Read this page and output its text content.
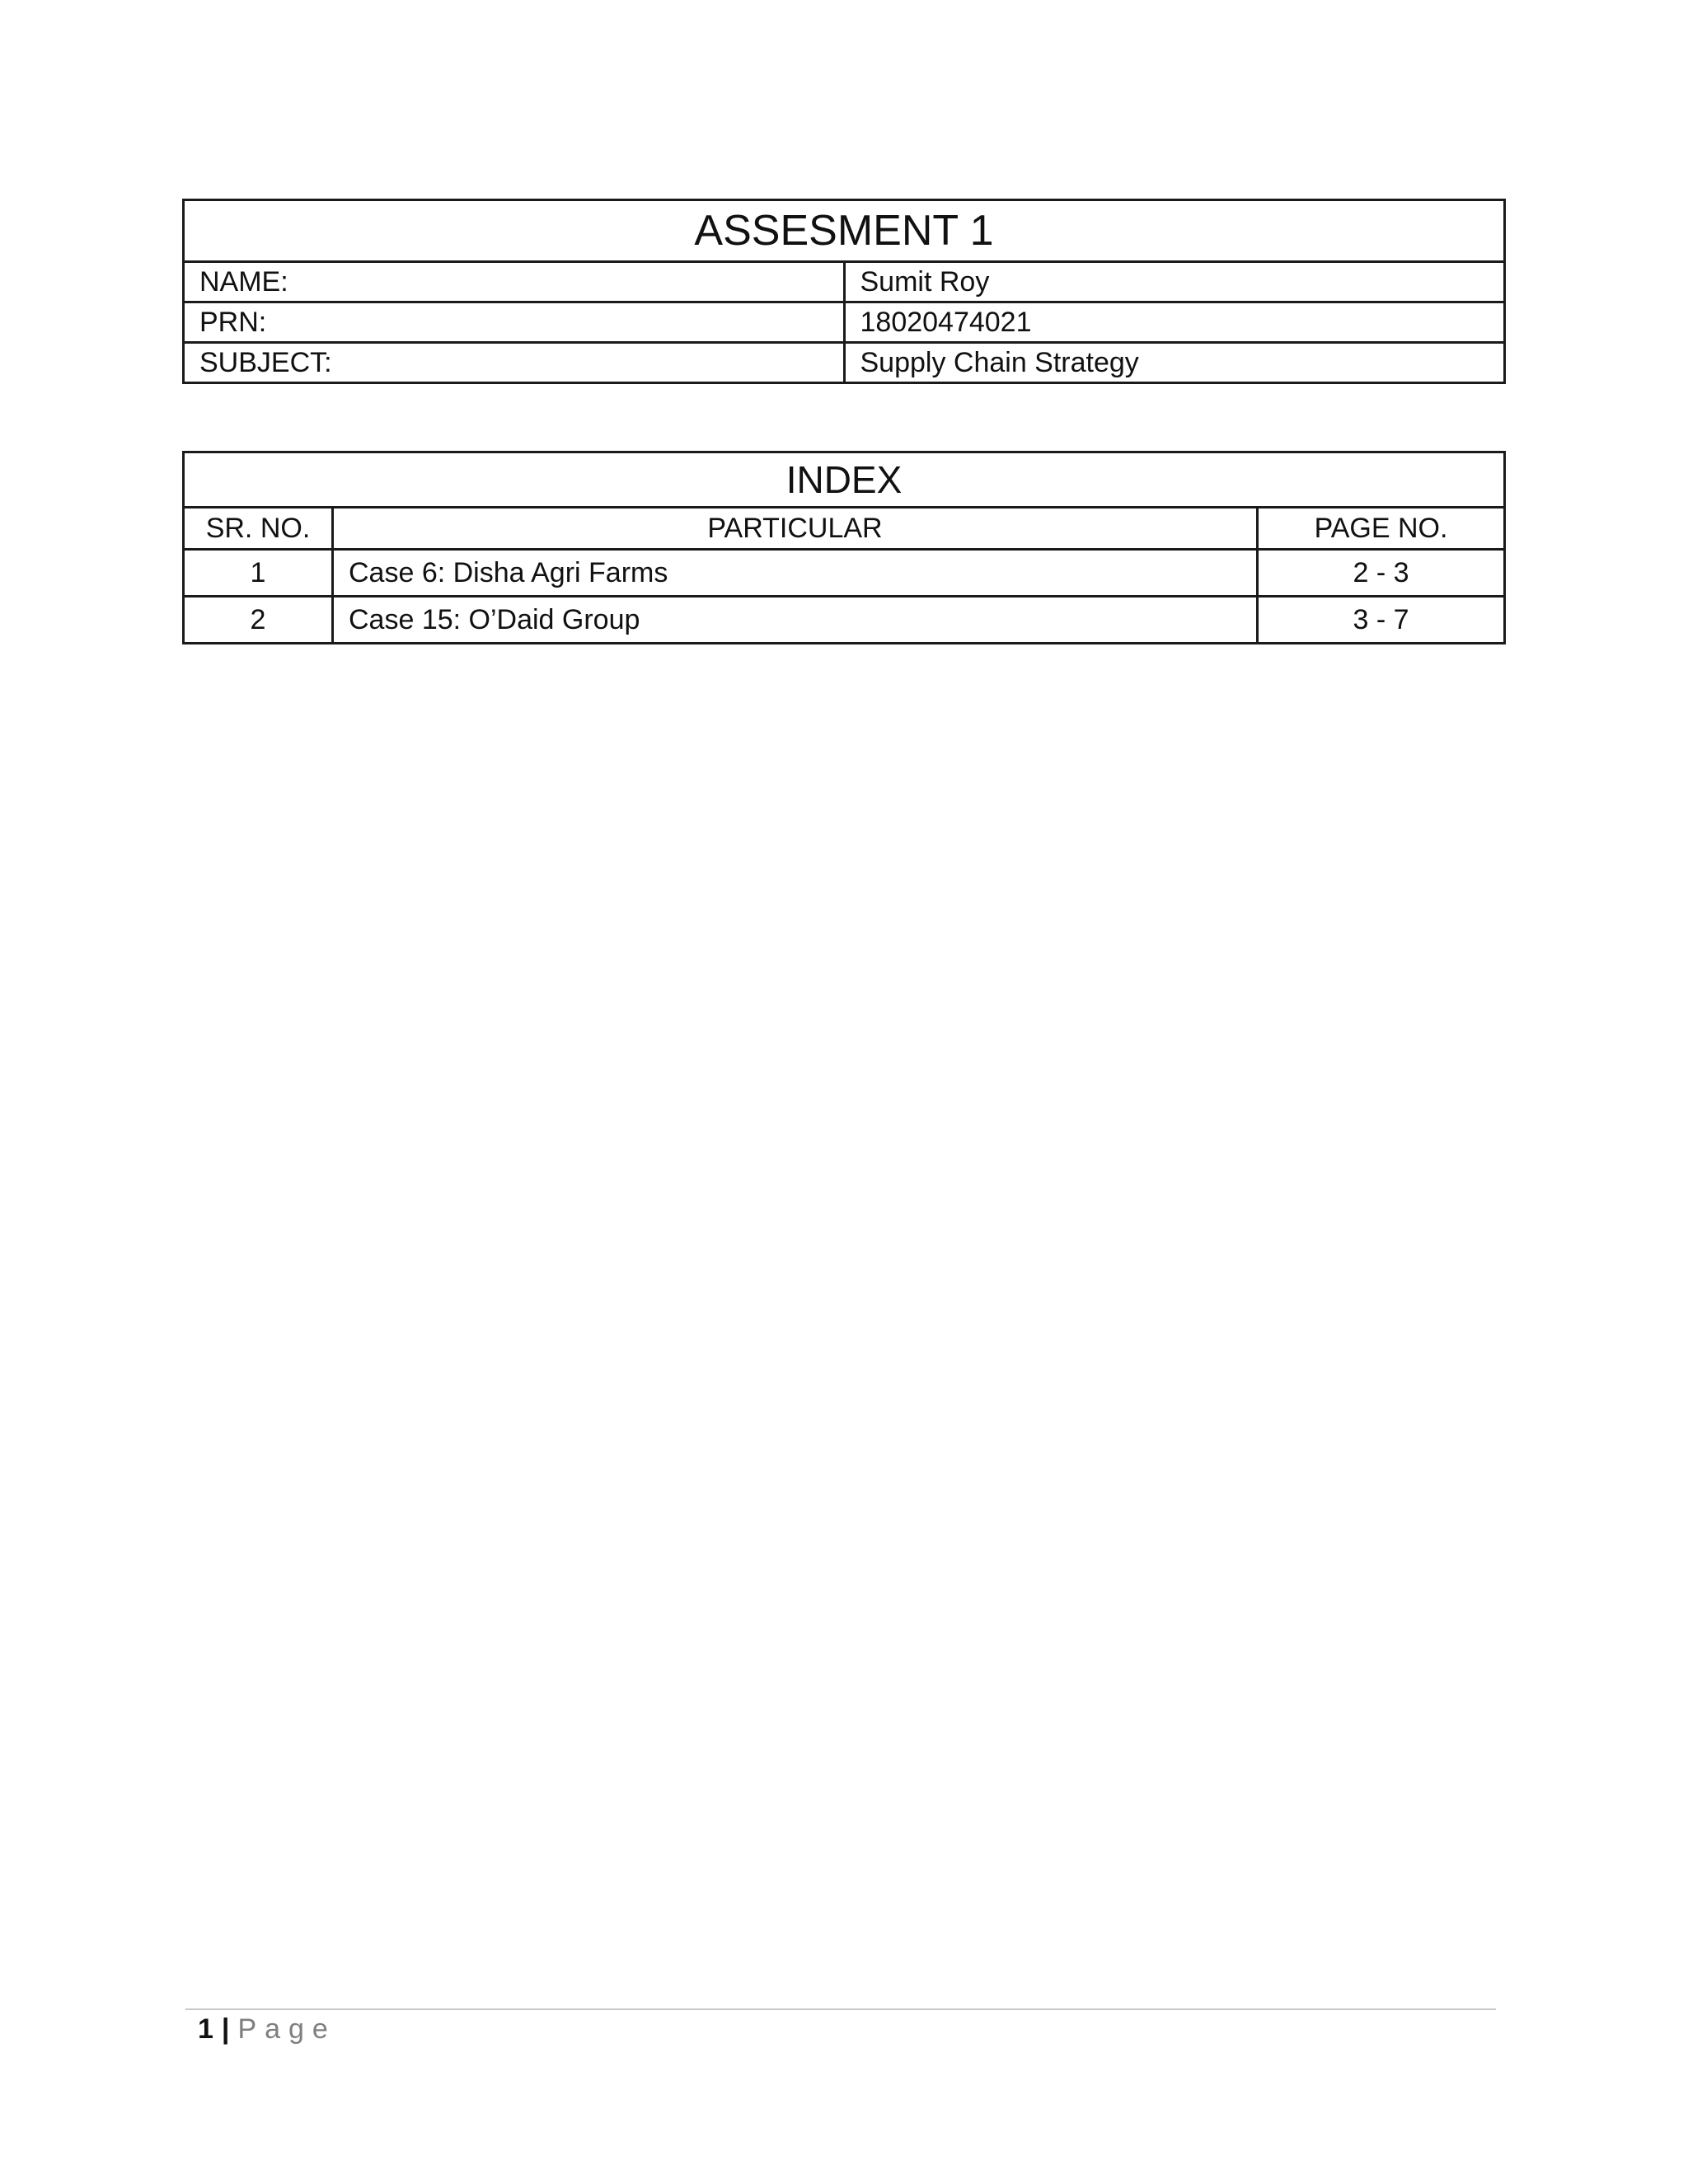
ASSESMENT 1	
NAME:	Sumit Roy
PRN:	18020474021
SUBJECT:	Supply Chain Strategy
INDEX		
SR. NO.	PARTICULAR	PAGE NO.
1	Case 6: Disha Agri Farms	2 - 3
2	Case 15: O’Daid Group	3 - 7
1 | Page
